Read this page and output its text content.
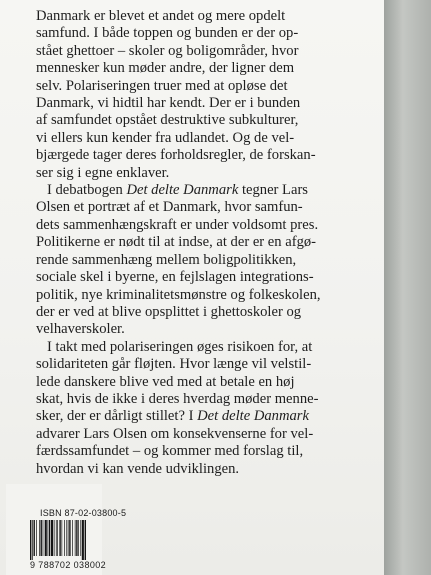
Danmark er blevet et andet og mere opdelt
samfund. I både toppen og bunden er der op-
stået ghettoer – skoler og boligområder, hvor
mennesker kun møder andre, der ligner dem
selv. Polariseringen truer med at opløse det
Danmark, vi hidtil har kendt. Der er i bunden
af samfundet opstået destruktive subkulturer,
vi ellers kun kender fra udlandet. Og de vel-
bjærgede tager deres forholdsregler, de forskan-
ser sig i egne enklaver.

I debatbogen Det delte Danmark tegner Lars
Olsen et portræt af et Danmark, hvor samfun-
dets sammenhængskraft er under voldsomt pres.
Politikerne er nødt til at indse, at der er en afgø-
rende sammenhæng mellem boligpolitikken,
sociale skel i byerne, en fejlslagen integrations-
politik, nye kriminalitetsmønstre og folkeskolen,
der er ved at blive opsplittet i ghettoskoler og
velhaverskoler.

I takt med polariseringen øges risikoen for, at
solidariteten går fløjten. Hvor længe vil velstil-
lede danskere blive ved med at betale en høj
skat, hvis de ikke i deres hverdag møder menne-
sker, der er dårligt stillet? I Det delte Danmark
advarer Lars Olsen om konsekvenserne for vel-
færdssamfundet – og kommer med forslag til,
hvordan vi kan vende udviklingen.

ISBN 87-02-03800-5
9 788702 038002
